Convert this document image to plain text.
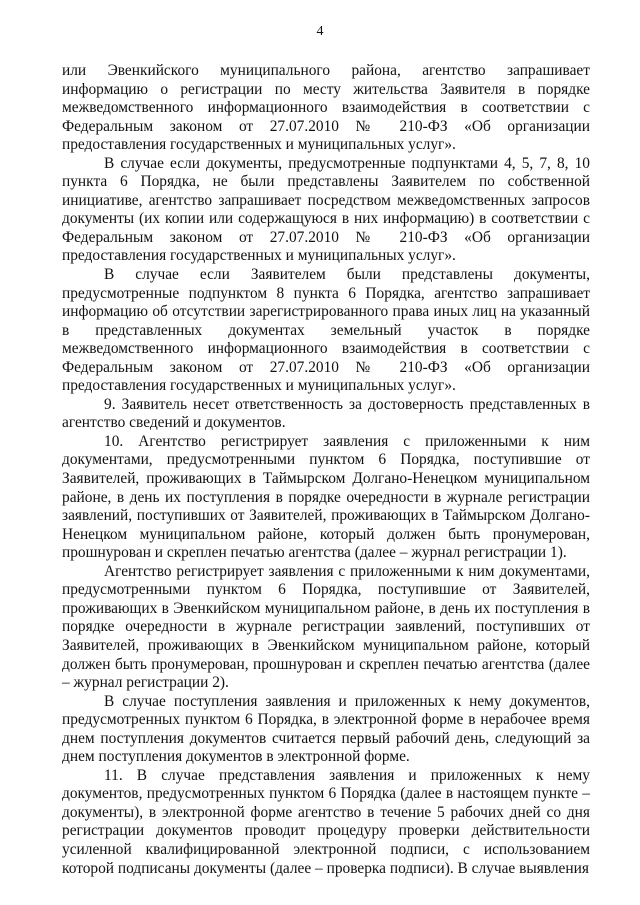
4

или Эвенкийского муниципального района, агентство запрашивает информацию о регистрации по месту жительства Заявителя в порядке межведомственного информационного взаимодействия в соответствии с Федеральным законом от 27.07.2010 № 210-ФЗ «Об организации предоставления государственных и муниципальных услуг».

В случае если документы, предусмотренные подпунктами 4, 5, 7, 8, 10 пункта 6 Порядка, не были представлены Заявителем по собственной инициативе, агентство запрашивает посредством межведомственных запросов документы (их копии или содержащуюся в них информацию) в соответствии с Федеральным законом от 27.07.2010 № 210-ФЗ «Об организации предоставления государственных и муниципальных услуг».

В случае если Заявителем были представлены документы, предусмотренные подпунктом 8 пункта 6 Порядка, агентство запрашивает информацию об отсутствии зарегистрированного права иных лиц на указанный в представленных документах земельный участок в порядке межведомственного информационного взаимодействия в соответствии с Федеральным законом от 27.07.2010 № 210-ФЗ «Об организации предоставления государственных и муниципальных услуг».

9. Заявитель несет ответственность за достоверность представленных в агентство сведений и документов.

10. Агентство регистрирует заявления с приложенными к ним документами, предусмотренными пунктом 6 Порядка, поступившие от Заявителей, проживающих в Таймырском Долгано-Ненецком муниципальном районе, в день их поступления в порядке очередности в журнале регистрации заявлений, поступивших от Заявителей, проживающих в Таймырском Долгано-Ненецком муниципальном районе, который должен быть пронумерован, прошнурован и скреплен печатью агентства (далее – журнал регистрации 1).

Агентство регистрирует заявления с приложенными к ним документами, предусмотренными пунктом 6 Порядка, поступившие от Заявителей, проживающих в Эвенкийском муниципальном районе, в день их поступления в порядке очередности в журнале регистрации заявлений, поступивших от Заявителей, проживающих в Эвенкийском муниципальном районе, который должен быть пронумерован, прошнурован и скреплен печатью агентства (далее – журнал регистрации 2).

В случае поступления заявления и приложенных к нему документов, предусмотренных пунктом 6 Порядка, в электронной форме в нерабочее время днем поступления документов считается первый рабочий день, следующий за днем поступления документов в электронной форме.

11. В случае представления заявления и приложенных к нему документов, предусмотренных пунктом 6 Порядка (далее в настоящем пункте – документы), в электронной форме агентство в течение 5 рабочих дней со дня регистрации документов проводит процедуру проверки действительности усиленной квалифицированной электронной подписи, с использованием которой подписаны документы (далее – проверка подписи). В случае выявления
